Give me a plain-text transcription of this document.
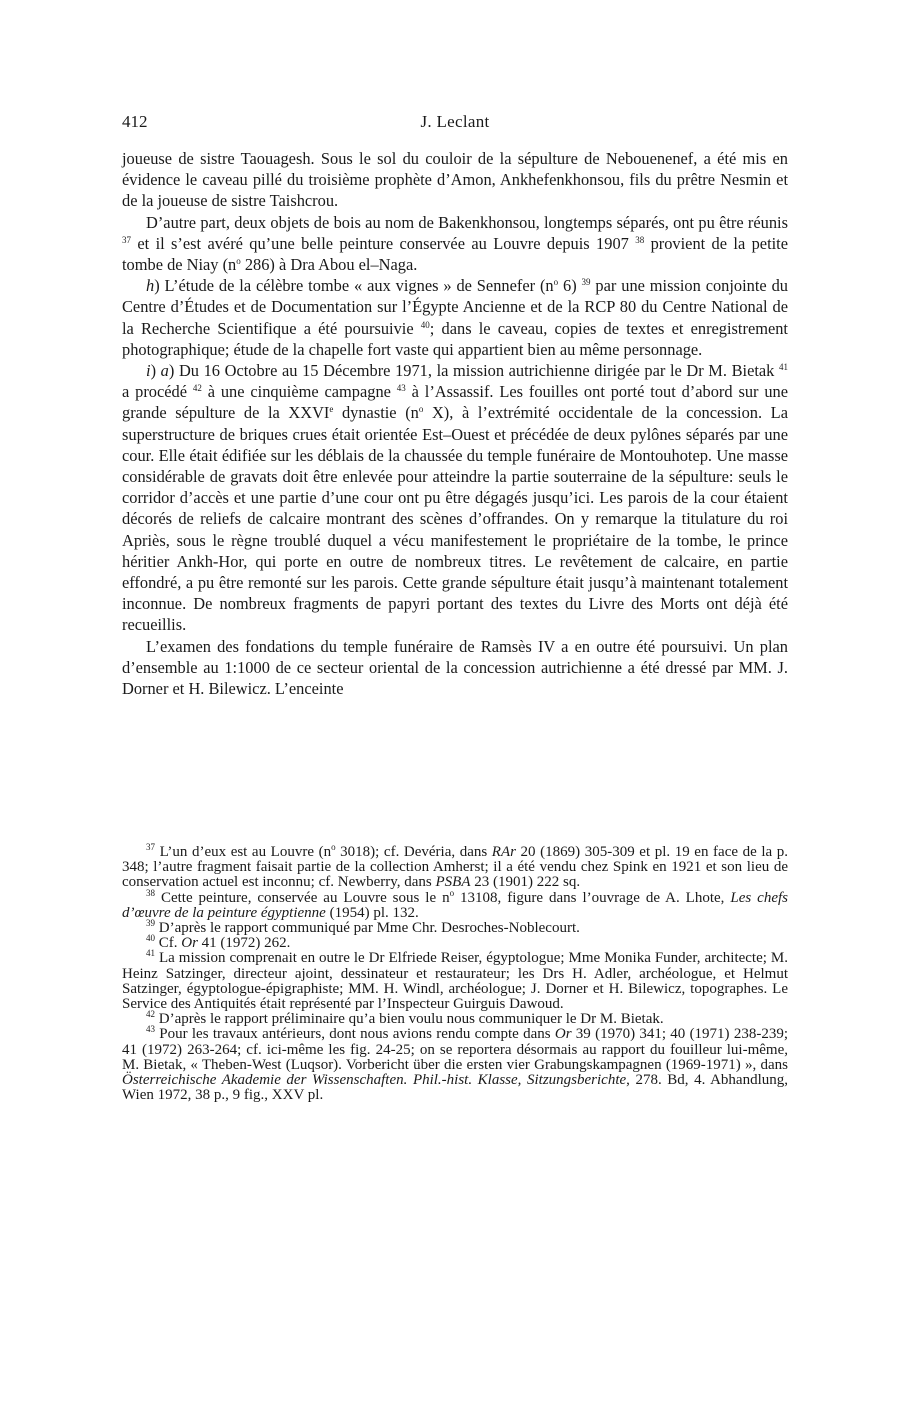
412	J. Leclant

joueuse de sistre Taouagesh. Sous le sol du couloir de la sépulture de Nebouenenef, a été mis en évidence le caveau pillé du troisième prophète d’Amon, Ankhefenkhonsou, fils du prêtre Nesmin et de la joueuse de sistre Taishcrou.

D’autre part, deux objets de bois au nom de Bakenkhonsou, longtemps séparés, ont pu être réunis $^{37}$ et il s’est avéré qu’une belle peinture conservée au Louvre depuis 1907 $^{38}$ provient de la petite tombe de Niay ($n^o$ 286) à Dra Abou el–Naga.

h) L’étude de la célèbre tombe « aux vignes » de Sennefer ($n^o$ 6) $^{39}$ par une mission conjointe du Centre d’Études et de Documentation sur l’Égypte Ancienne et de la RCP 80 du Centre National de la Recherche Scientifique a été poursuivie $^{40}$; dans le caveau, copies de textes et enregistrement photographique; étude de la chapelle fort vaste qui appartient bien au même personnage.

i) a) Du 16 Octobre au 15 Décembre 1971, la mission autrichienne dirigée par le Dr M. Bietak $^{41}$ a procédé $^{42}$ à une cinquième campagne $^{43}$ à l’Assassif. Les fouilles ont porté tout d’abord sur une grande sépulture de la XXVIe dynastie ($n^o$ X), à l’extrémité occidentale de la concession. La superstructure de briques crues était orientée Est–Ouest et précédée de deux pylônes séparés par une cour. Elle était édifiée sur les déblais de la chaussée du temple funéraire de Montouhotep. Une masse considérable de gravats doit être enlevée pour atteindre la partie souterraine de la sépulture: seuls le corridor d’accès et une partie d’une cour ont pu être dégagés jusqu’ici. Les parois de la cour étaient décorés de reliefs de calcaire montrant des scènes d’offrandes. On y remarque la titulature du roi Apriès, sous le règne troublé duquel a vécu manifestement le propriétaire de la tombe, le prince héritier Ankh-Hor, qui porte en outre de nombreux titres. Le revêtement de calcaire, en partie effondré, a pu être remonté sur les parois. Cette grande sépulture était jusqu’à maintenant totalement inconnue. De nombreux fragments de papyri portant des textes du Livre des Morts ont déjà été recueillis.

L’examen des fondations du temple funéraire de Ramsès IV a en outre été poursuivi. Un plan d’ensemble au 1:1000 de ce secteur oriental de la concession autrichienne a été dressé par MM. J. Dorner et H. Bilewicz. L’enceinte

$^{37}$ L’un d’eux est au Louvre ($n^o$ 3018); cf. Devéria, dans RAr 20 (1869) 305-309 et pl. 19 en face de la p. 348; l’autre fragment faisait partie de la collection Amherst; il a été vendu chez Spink en 1921 et son lieu de conservation actuel est inconnu; cf. Newberry, dans PSBA 23 (1901) 222 sq.

$^{38}$ Cette peinture, conservée au Louvre sous le $n^o$ 13108, figure dans l’ouvrage de A. Lhote, Les chefs d’œuvre de la peinture égyptienne (1954) pl. 132.

$^{39}$ D’après le rapport communiqué par Mme Chr. Desroches-Noblecourt.

$^{40}$ Cf. Or 41 (1972) 262.

$^{41}$ La mission comprenait en outre le Dr Elfriede Reiser, égyptologue; Mme Monika Funder, architecte; M. Heinz Satzinger, directeur ajoint, dessinateur et restaurateur; les Drs H. Adler, archéologue, et Helmut Satzinger, égyptologue-épigraphiste; MM. H. Windl, archéologue; J. Dorner et H. Bilewicz, topographes. Le Service des Antiquités était représenté par l’Inspecteur Guirguis Dawoud.

$^{42}$ D’après le rapport préliminaire qu’a bien voulu nous communiquer le Dr M. Bietak.

$^{43}$ Pour les travaux antérieurs, dont nous avions rendu compte dans Or 39 (1970) 341; 40 (1971) 238-239; 41 (1972) 263-264; cf. ici-même les fig. 24-25; on se reportera désormais au rapport du fouilleur lui-même, M. Bietak, « Theben-West (Luqsor). Vorbericht über die ersten vier Grabungskampagnen (1969-1971) », dans Österreichische Akademie der Wissenschaften. Phil.-hist. Klasse, Sitzungsberichte, 278. Bd, 4. Abhandlung, Wien 1972, 38 p., 9 fig., XXV pl.
